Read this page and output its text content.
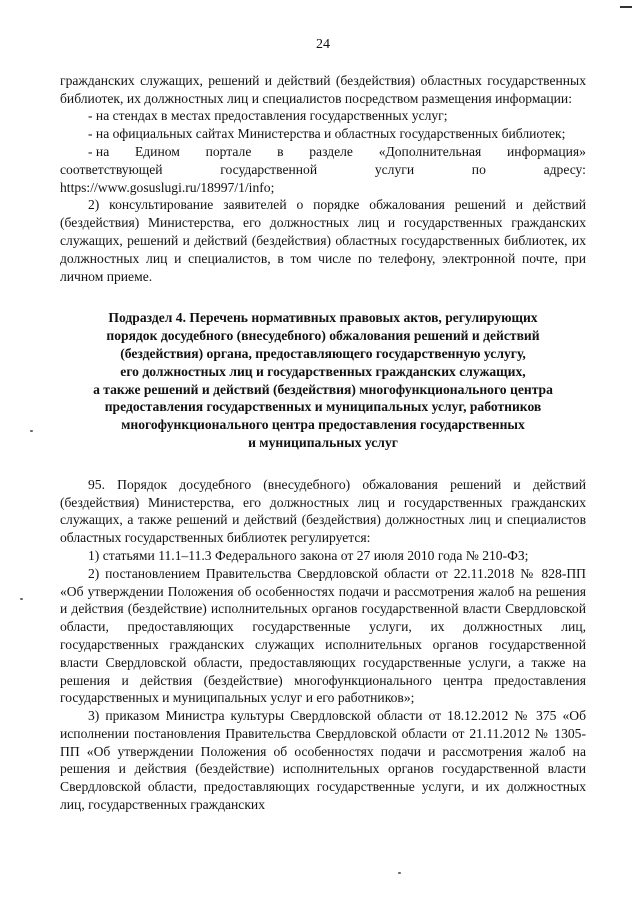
24

гражданских служащих, решений и действий (бездействия) областных государственных библиотек, их должностных лиц и специалистов посредством размещения информации:

- на стендах в местах предоставления государственных услуг;

- на официальных сайтах Министерства и областных государственных библиотек;

- на Едином портале в разделе «Дополнительная информация»
соответствующей	государственной	услуги	по	адресу:

https://www.gosuslugi.ru/18997/1/info;

2) консультирование заявителей о порядке обжалования решений и действий (бездействия) Министерства, его должностных лиц и государственных гражданских служащих, решений и действий (бездействия) областных государственных библиотек, их должностных лиц и специалистов, в том числе по телефону, электронной почте, при личном приеме.

Подраздел 4. Перечень нормативных правовых актов, регулирующих
порядок досудебного (внесудебного) обжалования решений и действий
(бездействия) органа, предоставляющего государственную услугу,
его должностных лиц и государственных гражданских служащих,
а также решений и действий (бездействия) многофункционального центра
предоставления государственных и муниципальных услуг, работников
многофункционального центра предоставления государственных
и муниципальных услуг

95. Порядок досудебного (внесудебного) обжалования решений и действий (бездействия) Министерства, его должностных лиц и государственных гражданских служащих, а также решений и действий (бездействия) должностных лиц и специалистов областных государственных библиотек регулируется:

1) статьями 11.1–11.3 Федерального закона от 27 июля 2010 года № 210-ФЗ;

2) постановлением Правительства Свердловской области от 22.11.2018 № 828-ПП «Об утверждении Положения об особенностях подачи и рассмотрения жалоб на решения и действия (бездействие) исполнительных органов государственной власти Свердловской области, предоставляющих государственные услуги, их должностных лиц, государственных гражданских служащих исполнительных органов государственной власти Свердловской области, предоставляющих государственные услуги, а также на решения и действия (бездействие) многофункционального центра предоставления государственных и муниципальных услуг и его работников»;

3) приказом Министра культуры Свердловской области от 18.12.2012 № 375 «Об исполнении постановления Правительства Свердловской области от 21.11.2012 № 1305-ПП «Об утверждении Положения об особенностях подачи и рассмотрения жалоб на решения и действия (бездействие) исполнительных органов государственной власти Свердловской области, предоставляющих государственные услуги, и их должностных лиц, государственных гражданских
